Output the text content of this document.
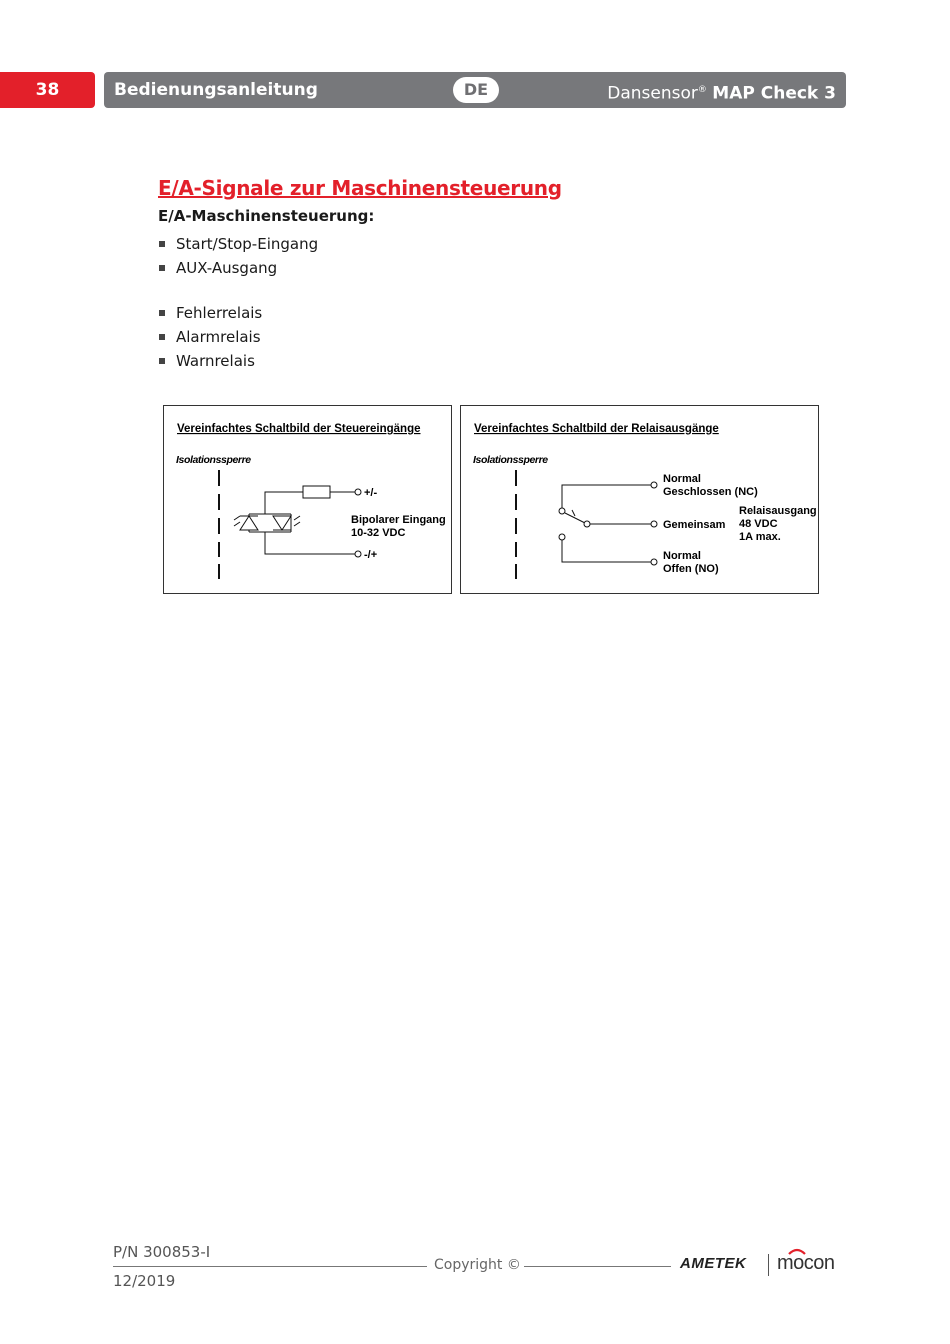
38	Bedienungsanleitung	DE	Dansensor® MAP Check 3
E/A-Signale zur Maschinensteuerung
E/A-Maschinensteuerung:
Start/Stop-Eingang
AUX-Ausgang
Fehlerrelais
Alarmrelais
Warnrelais
Vereinfachtes Schaltbild der Steuereingänge
Isolationssperre
+/-
-/+
Bipolarer Eingang
10-32 VDC
Vereinfachtes Schaltbild der Relaisausgänge
Isolationssperre
Normal
Geschlossen (NC)
Gemeinsam
Normal
Offen (NO)
Relaisausgang
48 VDC
1A max.
P/N 300853-I
Copyright ©
12/2019
AMETEK mocon
